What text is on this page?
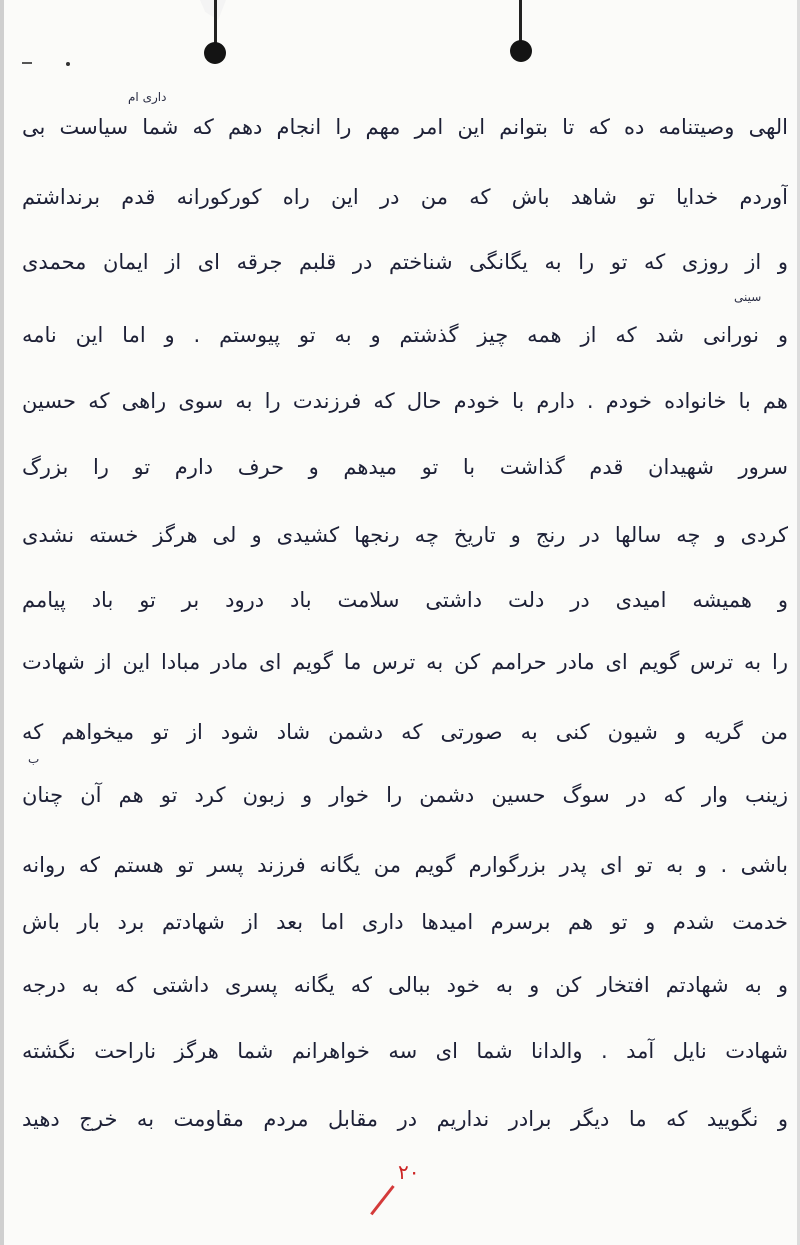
داری ام
سینی
ب
الهی وصیتنامه ده که تا بتوانم این امر مهم را انجام دهم که شما سیاست بی
آوردم خدایا تو شاهد باش که من در این راه کورکورانه قدم برنداشتم
و از روزی که تو را به یگانگی شناختم در قلبم جرقه ای از ایمان محمدی
و نورانی شد که از همه چیز گذشتم و به تو پیوستم . و اما این نامه
هم با خانواده خودم . دارم با خودم حال که فرزندت را به سوی راهی که حسین
سرور شهیدان قدم گذاشت با تو میدهم و حرف دارم تو را بزرگ
کردی و چه سالها در رنج و تاریخ چه رنجها کشیدی و لی هرگز خسته نشدی
و همیشه امیدی در دلت داشتی سلامت باد درود بر تو باد پیامم
را به ترس گویم ای مادر حرامم کن به ترس ما گویم ای مادر مبادا این از شهادت
من گریه و شیون کنی به صورتی که دشمن شاد شود از تو میخواهم که
زینب وار که در سوگ حسین دشمن را خوار و زبون کرد تو هم آن چنان
باشی . و به تو ای پدر بزرگوارم گویم من یگانه فرزند پسر تو هستم که روانه
خدمت شدم و تو هم برسرم امیدها داری اما بعد از شهادتم برد بار باش
و به شهادتم افتخار کن و به خود ببالی که یگانه پسری داشتی که به درجه
شهادت نایل آمد . والدانا شما ای سه خواهرانم شما هرگز ناراحت نگشته
و نگویید که ما دیگر برادر نداریم در مقابل مردم مقاومت به خرج دهید
۲۰
